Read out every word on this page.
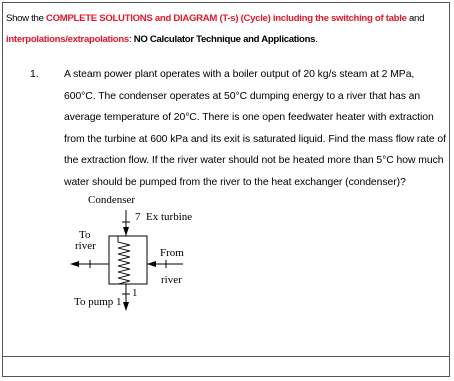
Show the COMPLETE SOLUTIONS and DIAGRAM (T-s) (Cycle) including the switching of table and interpolations/extrapolations: NO Calculator Technique and Applications.
1. A steam power plant operates with a boiler output of 20 kg/s steam at 2 MPa, 600°C. The condenser operates at 50°C dumping energy to a river that has an average temperature of 20°C. There is one open feedwater heater with extraction from the turbine at 600 kPa and its exit is saturated liquid. Find the mass flow rate of the extraction flow. If the river water should not be heated more than 5°C how much water should be pumped from the river to the heat exchanger (condenser)?
Condenser
7 Ex turbine
To
river
From
river
1
To pump 1
